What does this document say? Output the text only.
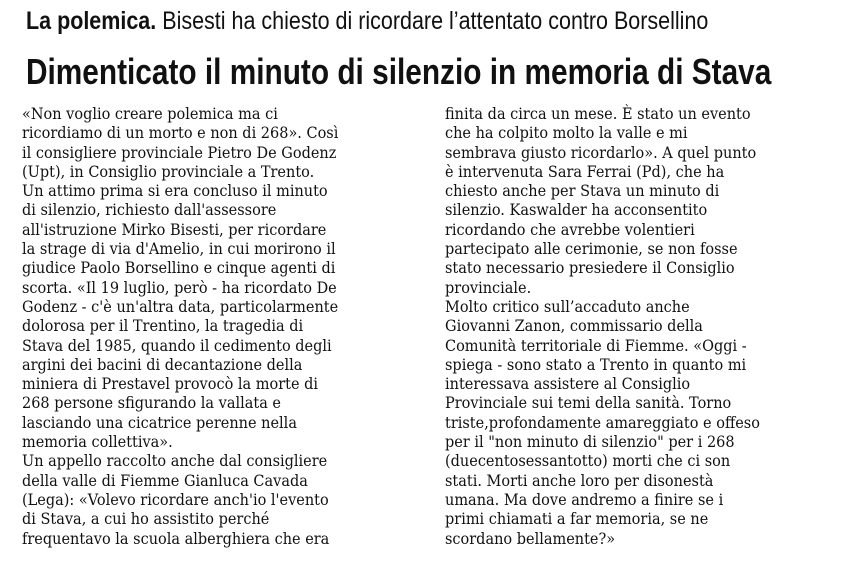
La polemica. Bisesti ha chiesto di ricordare l’attentato contro Borsellino
Dimenticato il minuto di silenzio in memoria di Stava
«Non voglio creare polemica ma ci
ricordiamo di un morto e non di 268». Così
il consigliere provinciale Pietro De Godenz
(Upt), in Consiglio provinciale a Trento.
Un attimo prima si era concluso il minuto
di silenzio, richiesto dall'assessore
all'istruzione Mirko Bisesti, per ricordare
la strage di via d'Amelio, in cui morirono il
giudice Paolo Borsellino e cinque agenti di
scorta. «Il 19 luglio, però - ha ricordato De
Godenz - c'è un'altra data, particolarmente
dolorosa per il Trentino, la tragedia di
Stava del 1985, quando il cedimento degli
argini dei bacini di decantazione della
miniera di Prestavel provocò la morte di
268 persone sfigurando la vallata e
lasciando una cicatrice perenne nella
memoria collettiva».
Un appello raccolto anche dal consigliere
della valle di Fiemme Gianluca Cavada
(Lega): «Volevo ricordare anch'io l'evento
di Stava, a cui ho assistito perché
frequentavo la scuola alberghiera che era
finita da circa un mese. È stato un evento
che ha colpito molto la valle e mi
sembrava giusto ricordarlo». A quel punto
è intervenuta Sara Ferrai (Pd), che ha
chiesto anche per Stava un minuto di
silenzio. Kaswalder ha acconsentito
ricordando che avrebbe volentieri
partecipato alle cerimonie, se non fosse
stato necessario presiedere il Consiglio
provinciale.
Molto critico sull’accaduto anche
Giovanni Zanon, commissario della
Comunità territoriale di Fiemme. «Oggi -
spiega - sono stato a Trento in quanto mi
interessava assistere al Consiglio
Provinciale sui temi della sanità. Torno
triste,profondamente amareggiato e offeso
per il "non minuto di silenzio" per i 268
(duecentosessantotto) morti che ci son
stati. Morti anche loro per disonestà
umana. Ma dove andremo a finire se i
primi chiamati a far memoria, se ne
scordano bellamente?»
